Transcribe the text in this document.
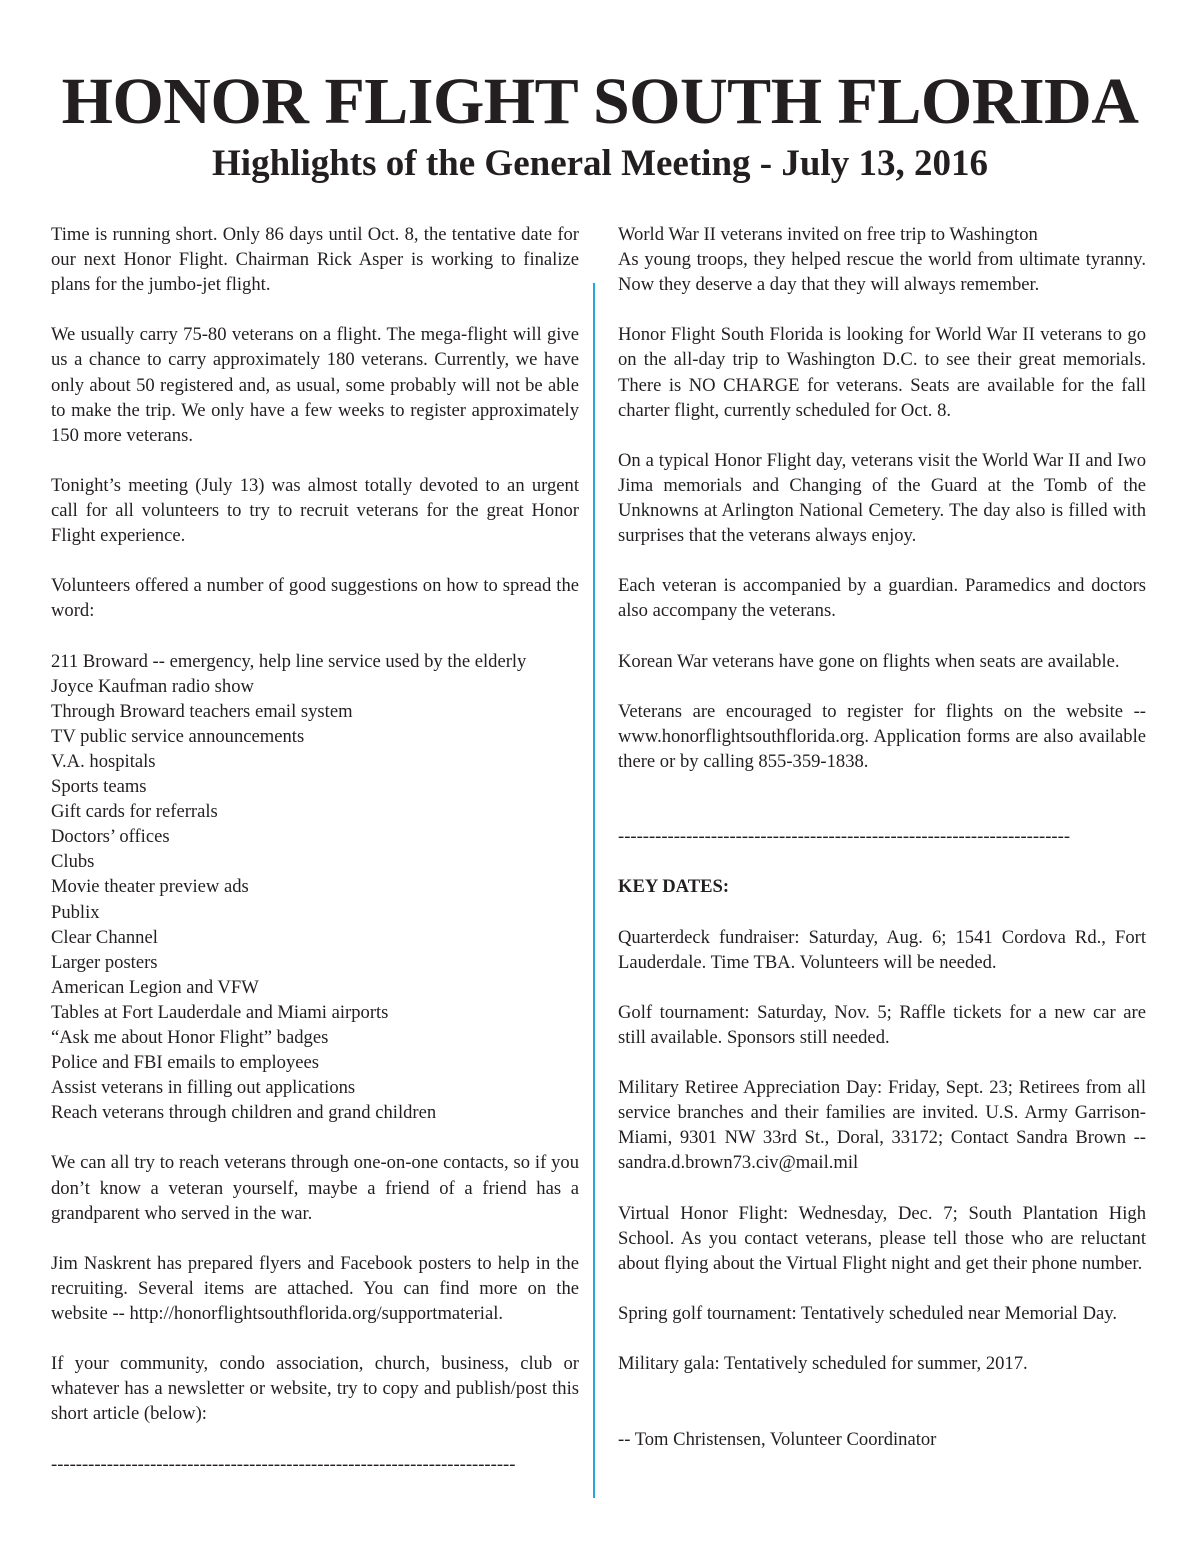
HONOR FLIGHT SOUTH FLORIDA
Highlights of the General Meeting - July 13, 2016

Time is running short. Only 86 days until Oct. 8, the tentative date for our next Honor Flight. Chairman Rick Asper is working to finalize plans for the jumbo-jet flight.

We usually carry 75-80 veterans on a flight. The mega-flight will give us a chance to carry approximately 180 veterans. Currently, we have only about 50 registered and, as usual, some probably will not be able to make the trip. We only have a few weeks to register approximately 150 more veterans.

Tonight’s meeting (July 13) was almost totally devoted to an urgent call for all volunteers to try to recruit veterans for the great Honor Flight experience.

Volunteers offered a number of good suggestions on how to spread the word:

211 Broward -- emergency, help line service used by the elderly
Joyce Kaufman radio show
Through Broward teachers email system
TV public service announcements
V.A. hospitals
Sports teams
Gift cards for referrals
Doctors’ offices
Clubs
Movie theater preview ads
Publix
Clear Channel
Larger posters
American Legion and VFW
Tables at Fort Lauderdale and Miami airports
“Ask me about Honor Flight” badges
Police and FBI emails to employees
Assist veterans in filling out applications
Reach veterans through children and grand children

We can all try to reach veterans through one-on-one contacts, so if you don’t know a veteran yourself, maybe a friend of a friend has a grandparent who served in the war.

Jim Naskrent has prepared flyers and Facebook posters to help in the recruiting. Several items are attached. You can find more on the website -- http://honorflightsouthflorida.org/supportmaterial.

If your community, condo association, church, business, club or whatever has a newsletter or website, try to copy and publish/post this short article (below):

---------------------------------------------------------------------------

World War II veterans invited on free trip to Washington

As young troops, they helped rescue the world from ultimate tyranny. Now they deserve a day that they will always remember.

Honor Flight South Florida is looking for World War II veterans to go on the all-day trip to Washington D.C. to see their great memorials. There is NO CHARGE for veterans. Seats are available for the fall charter flight, currently scheduled for Oct. 8.

On a typical Honor Flight day, veterans visit the World War II and Iwo Jima memorials and Changing of the Guard at the Tomb of the Unknowns at Arlington National Cemetery. The day also is filled with surprises that the veterans always enjoy.

Each veteran is accompanied by a guardian. Paramedics and doctors also accompany the veterans.

Korean War veterans have gone on flights when seats are available.

Veterans are encouraged to register for flights on the website -- www.honorflightsouthflorida.org. Application forms are also available there or by calling 855-359-1838.

-------------------------------------------------------------------------

KEY DATES:

Quarterdeck fundraiser: Saturday, Aug. 6; 1541 Cordova Rd., Fort Lauderdale. Time TBA. Volunteers will be needed.

Golf tournament: Saturday, Nov. 5; Raffle tickets for a new car are still available. Sponsors still needed.

Military Retiree Appreciation Day: Friday, Sept. 23; Retirees from all service branches and their families are invited. U.S. Army Garrison-Miami, 9301 NW 33rd St., Doral, 33172; Contact Sandra Brown -- sandra.d.brown73.civ@mail.mil

Virtual Honor Flight: Wednesday, Dec. 7; South Plantation High School. As you contact veterans, please tell those who are reluctant about flying about the Virtual Flight night and get their phone number.

Spring golf tournament: Tentatively scheduled near Memorial Day.

Military gala: Tentatively scheduled for summer, 2017.

-- Tom Christensen, Volunteer Coordinator
